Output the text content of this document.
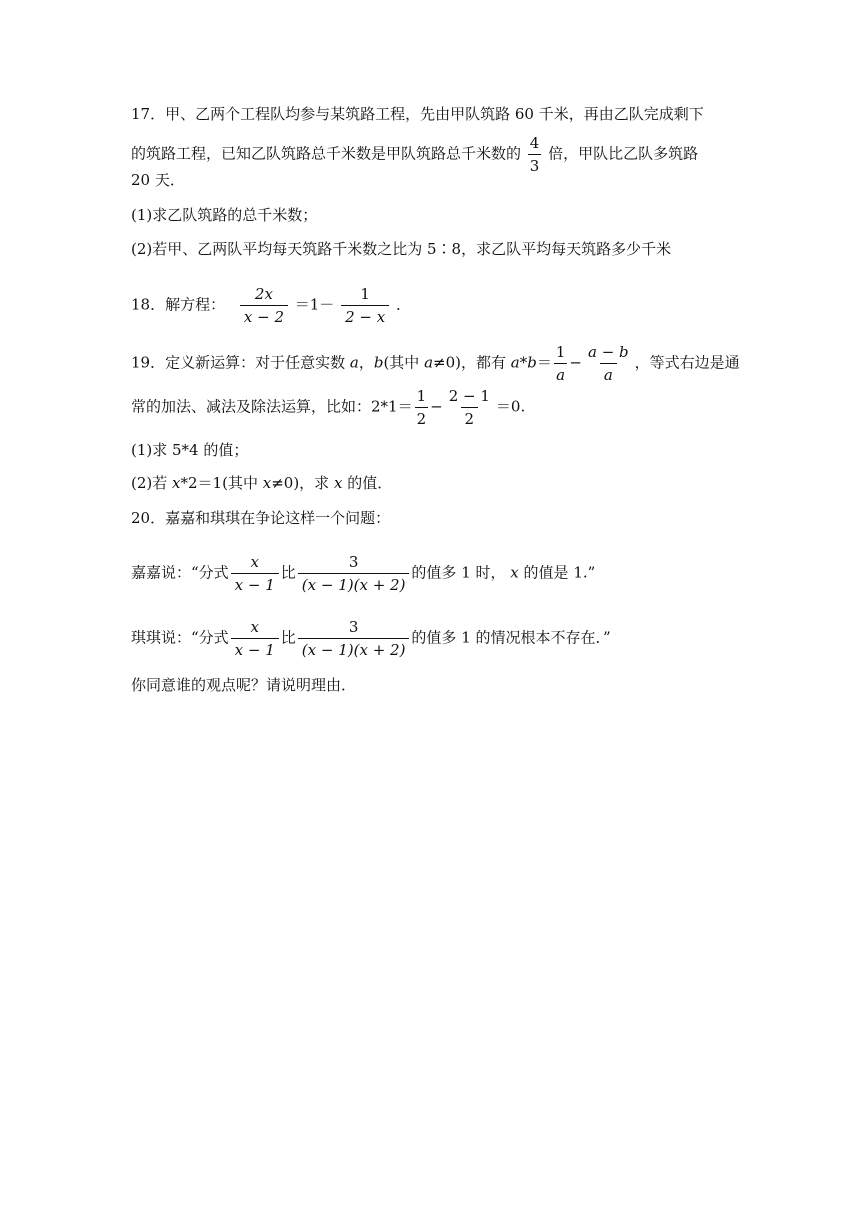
17．甲、乙两个工程队均参与某筑路工程，先由甲队筑路 60 千米，再由乙队完成剩下
的筑路工程，已知乙队筑路总千米数是甲队筑路总千米数的 $\frac{4}{3}$ 倍，甲队比乙队多筑路
20 天．
(1)求乙队筑路的总千米数；
(2)若甲、乙两队平均每天筑路千米数之比为 5∶8，求乙队平均每天筑路多少千米
18．解方程： $\frac{2x}{x - 2} =1- \frac{1}{2 - x}$ ．
19．定义新运算：对于任意实数 a，b(其中 a≠0)，都有 $a*b= \frac{1}{a} - \frac{a - b}{a}$ ，等式右边是通
常的加法、减法及除法运算，比如：$2*1= \frac{1}{2} - \frac{2 - 1}{2} =0$.
(1)求 5*4 的值；
(2)若 x*2＝1(其中 x≠0)，求 x 的值．
20．嘉嘉和琪琪在争论这样一个问题：
嘉嘉说：“分式 $\frac{x}{x - 1}$ 比 $\frac{3}{(x - 1)(x + 2)}$ 的值多 1 时， x 的值是 1.”
琪琪说：“分式 $\frac{x}{x - 1}$ 比 $\frac{3}{(x - 1)(x + 2)}$ 的值多 1 的情况根本不存在．”
你同意谁的观点呢？请说明理由．
